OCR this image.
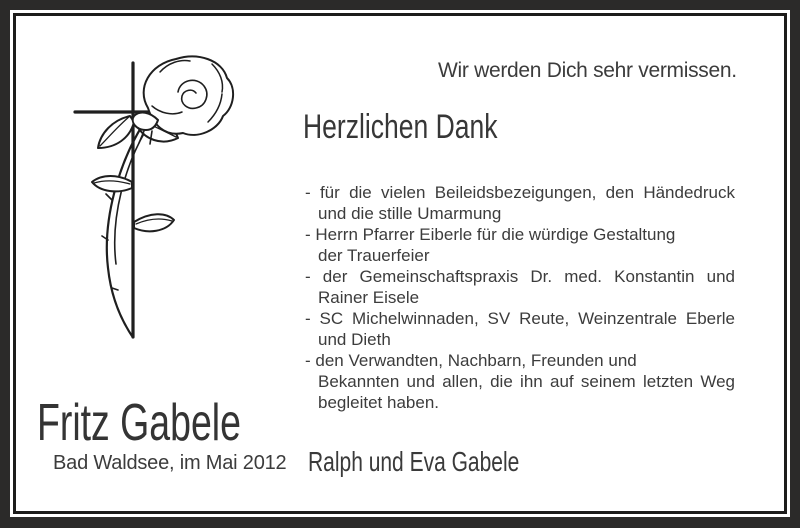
Wir werden Dich sehr vermissen.
Herzlichen Dank
- für die vielen Beileidsbezeigungen, den Händedruck
und die stille Umarmung
- Herrn Pfarrer Eiberle für die würdige Gestaltung
der Trauerfeier
- der Gemeinschaftspraxis Dr. med. Konstantin und
Rainer Eisele
- SC Michelwinnaden, SV Reute, Weinzentrale Eberle
und Dieth
- den Verwandten, Nachbarn, Freunden und
Bekannten und allen, die ihn auf seinem letzten Weg
begleitet haben.
Fritz Gabele
Bad Waldsee, im Mai 2012 Ralph und Eva Gabele
